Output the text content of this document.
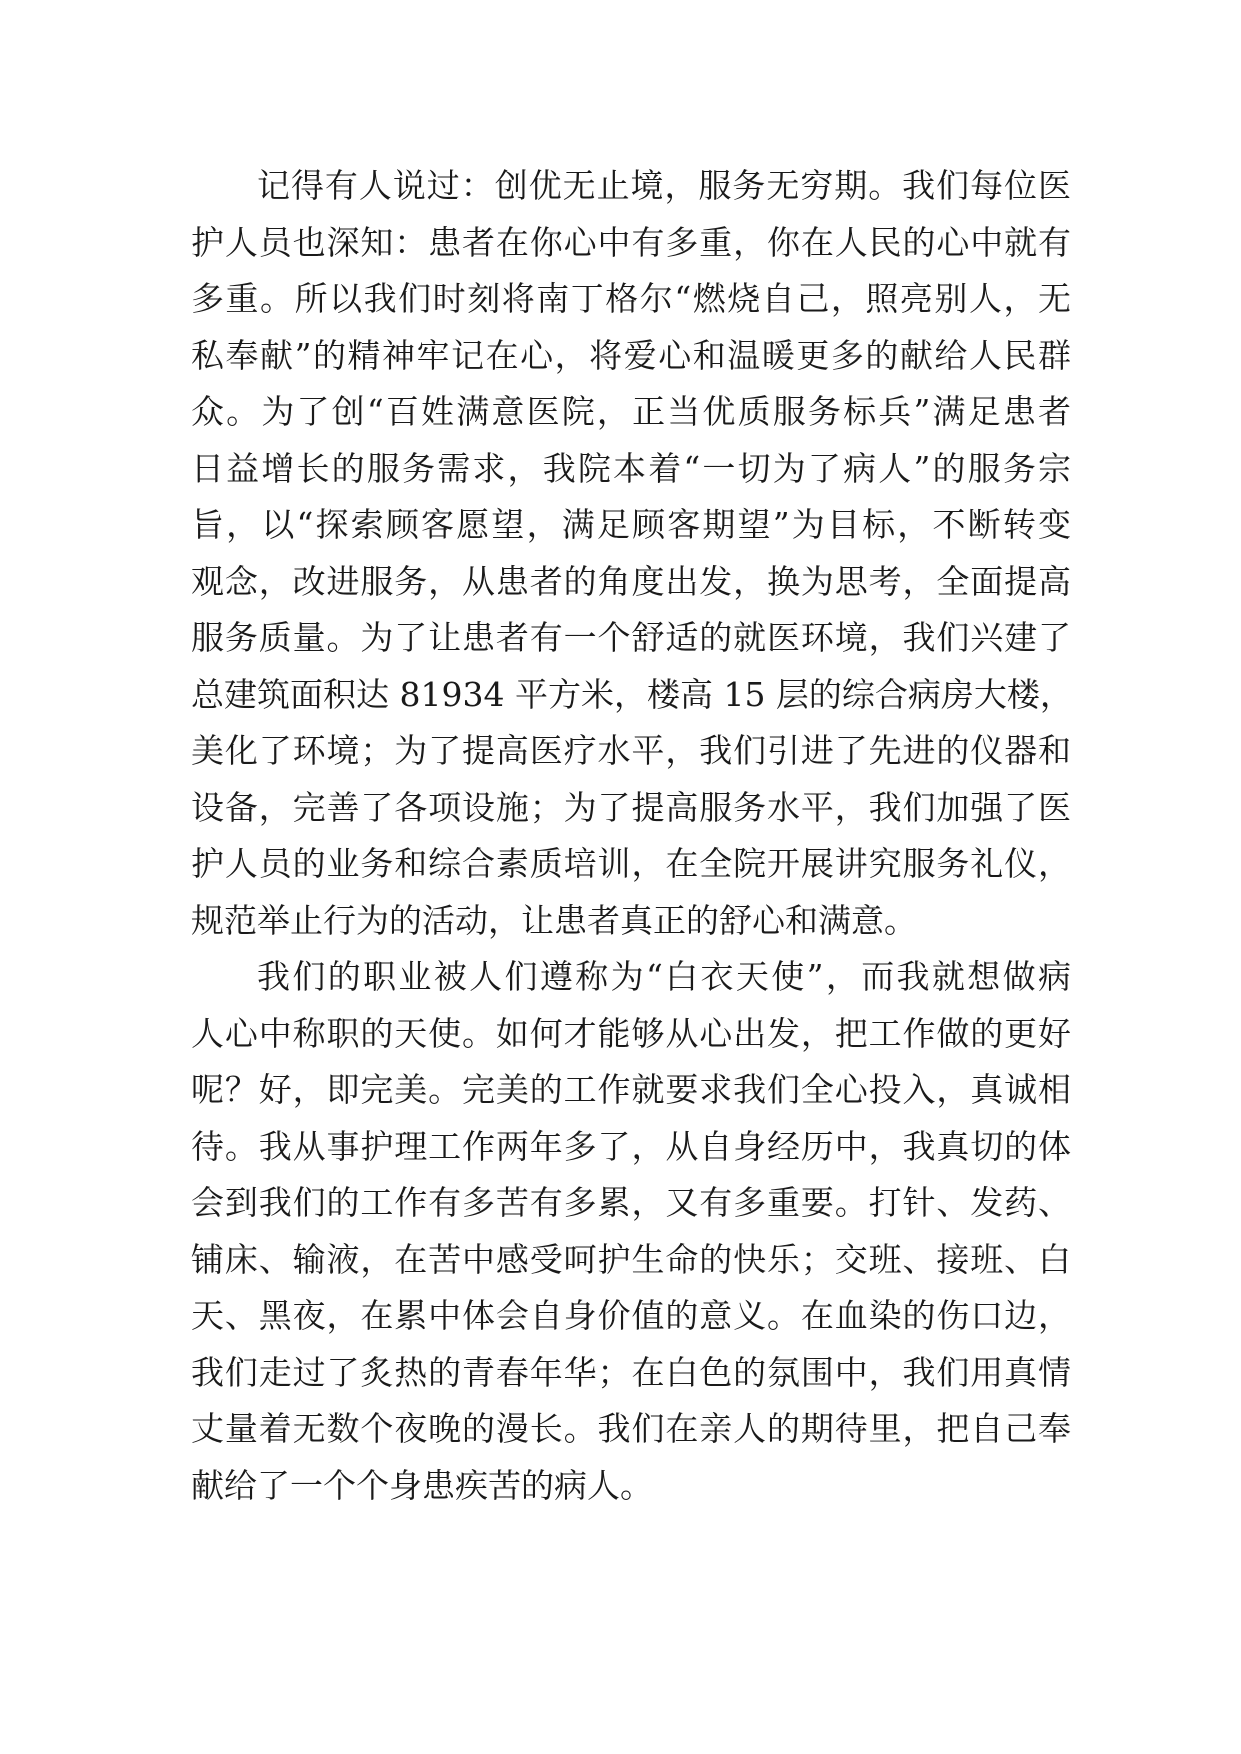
记得有人说过：创优无止境，服务无穷期。我们每位医
护人员也深知：患者在你心中有多重，你在人民的心中就有
多重。所以我们时刻将南丁格尔“燃烧自己，照亮别人，无
私奉献”的精神牢记在心，将爱心和温暖更多的献给人民群
众。为了创“百姓满意医院，正当优质服务标兵”满足患者
日益增长的服务需求，我院本着“一切为了病人”的服务宗
旨，以“探索顾客愿望，满足顾客期望”为目标，不断转变
观念，改进服务，从患者的角度出发，换为思考，全面提高
服务质量。为了让患者有一个舒适的就医环境，我们兴建了
总建筑面积达 81934 平方米，楼高 15 层的综合病房大楼，
美化了环境；为了提高医疗水平，我们引进了先进的仪器和
设备，完善了各项设施；为了提高服务水平，我们加强了医
护人员的业务和综合素质培训，在全院开展讲究服务礼仪，
规范举止行为的活动，让患者真正的舒心和满意。
我们的职业被人们遵称为“白衣天使”，而我就想做病
人心中称职的天使。如何才能够从心出发，把工作做的更好
呢？好，即完美。完美的工作就要求我们全心投入，真诚相
待。我从事护理工作两年多了，从自身经历中，我真切的体
会到我们的工作有多苦有多累，又有多重要。打针、发药、
铺床、输液，在苦中感受呵护生命的快乐；交班、接班、白
天、黑夜，在累中体会自身价值的意义。在血染的伤口边，
我们走过了炙热的青春年华；在白色的氛围中，我们用真情
丈量着无数个夜晚的漫长。我们在亲人的期待里，把自己奉
献给了一个个身患疾苦的病人。
